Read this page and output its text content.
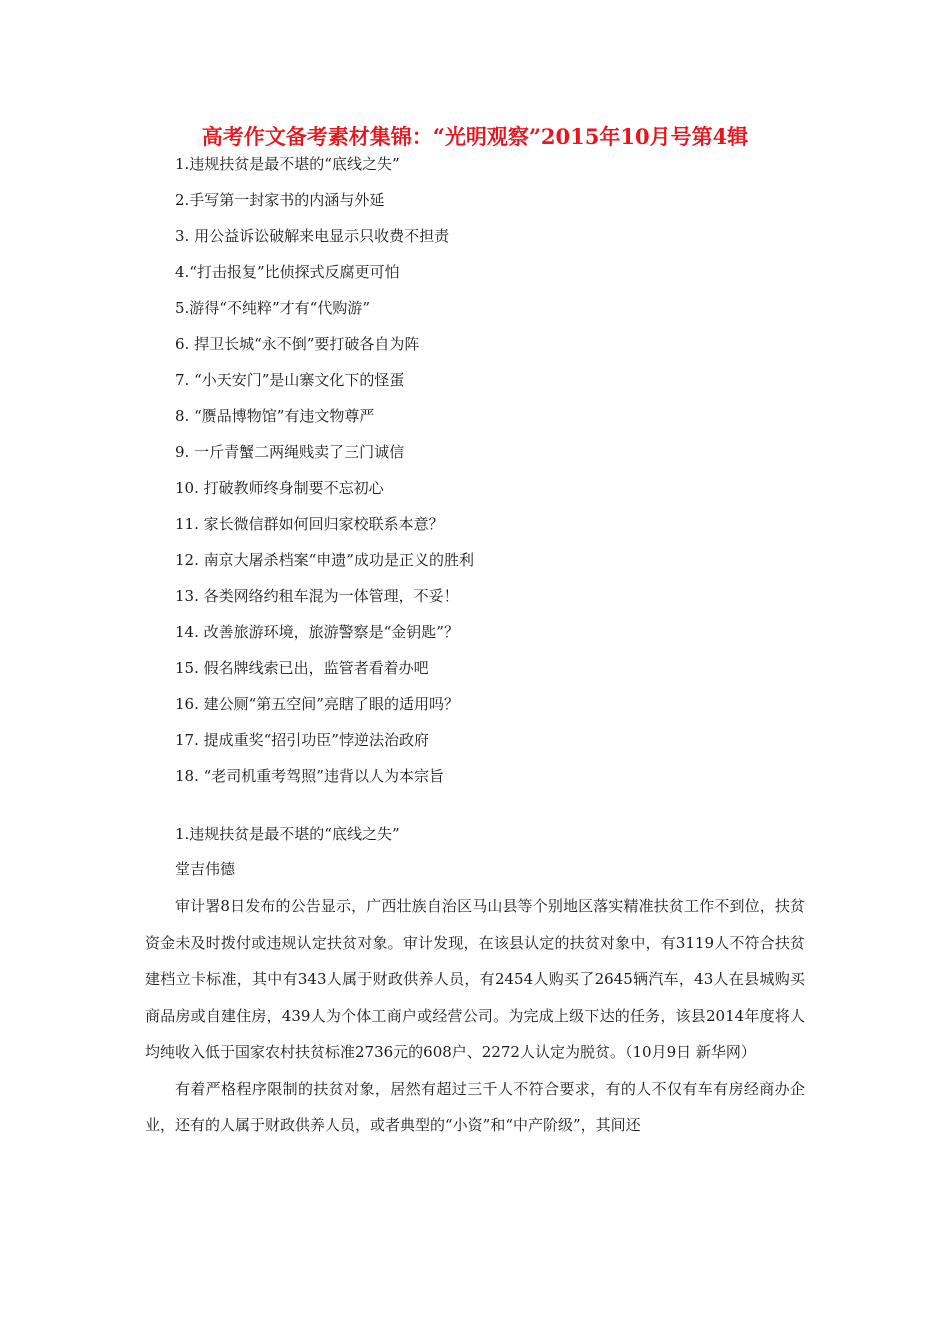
高考作文备考素材集锦：“光明观察”2015年10月号第4辑
1.违规扶贫是最不堪的“底线之失”
2.手写第一封家书的内涵与外延
3. 用公益诉讼破解来电显示只收费不担责
4.“打击报复”比侦探式反腐更可怕
5.游得“不纯粹”才有“代购游”
6. 捍卫长城“永不倒”要打破各自为阵
7. “小天安门”是山寨文化下的怪蛋
8. “赝品博物馆”有违文物尊严
9. 一斤青蟹二两绳贱卖了三门诚信
10. 打破教师终身制要不忘初心
11. 家长微信群如何回归家校联系本意？
12. 南京大屠杀档案“申遗”成功是正义的胜利
13. 各类网络约租车混为一体管理，不妥！
14. 改善旅游环境，旅游警察是“金钥匙”？
15. 假名牌线索已出，监管者看着办吧
16. 建公厕“第五空间”亮瞎了眼的适用吗？
17. 提成重奖“招引功臣”悖逆法治政府
18. “老司机重考驾照”违背以人为本宗旨
1.违规扶贫是最不堪的“底线之失”
堂吉伟德

审计署8日发布的公告显示，广西壮族自治区马山县等个别地区落实精准扶贫工作不到位，扶贫资金未及时拨付或违规认定扶贫对象。审计发现，在该县认定的扶贫对象中，有3119人不符合扶贫建档立卡标准，其中有343人属于财政供养人员，有2454人购买了2645辆汽车，43人在县城购买商品房或自建住房，439人为个体工商户或经营公司。为完成上级下达的任务，该县2014年度将人均纯收入低于国家农村扶贫标准2736元的608户、2272人认定为脱贫。（10月9日 新华网）

有着严格程序限制的扶贫对象，居然有超过三千人不符合要求，有的人不仅有车有房经商办企业，还有的人属于财政供养人员，或者典型的“小资”和“中产阶级”，其间还
